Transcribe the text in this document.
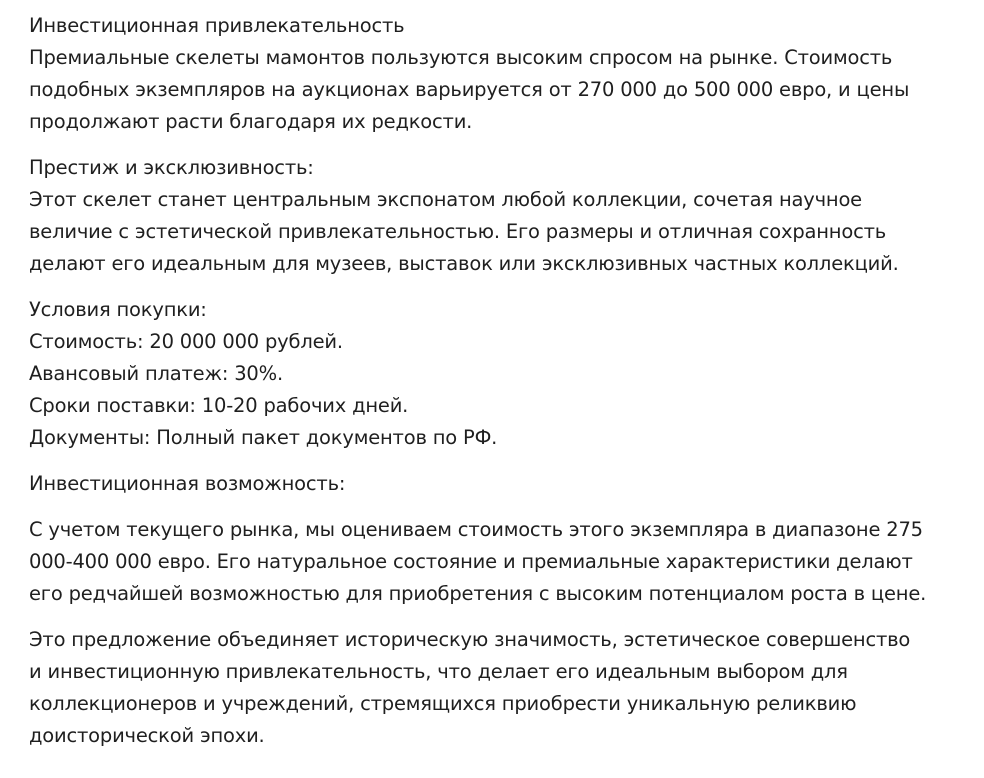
Инвестиционная привлекательность
Премиальные скелеты мамонтов пользуются высоким спросом на рынке. Стоимость
подобных экземпляров на аукционах варьируется от 270 000 до 500 000 евро, и цены
продолжают расти благодаря их редкости.
Престиж и эксклюзивность:
Этот скелет станет центральным экспонатом любой коллекции, сочетая научное
величие с эстетической привлекательностью. Его размеры и отличная сохранность
делают его идеальным для музеев, выставок или эксклюзивных частных коллекций.
Условия покупки:
Стоимость: 20 000 000 рублей.
Авансовый платеж: 30%.
Сроки поставки: 10-20 рабочих дней.
Документы: Полный пакет документов по РФ.
Инвестиционная возможность:
С учетом текущего рынка, мы оцениваем стоимость этого экземпляра в диапазоне 275
000-400 000 евро. Его натуральное состояние и премиальные характеристики делают
его редчайшей возможностью для приобретения с высоким потенциалом роста в цене.
Это предложение объединяет историческую значимость, эстетическое совершенство
и инвестиционную привлекательность, что делает его идеальным выбором для
коллекционеров и учреждений, стремящихся приобрести уникальную реликвию
доисторической эпохи.
